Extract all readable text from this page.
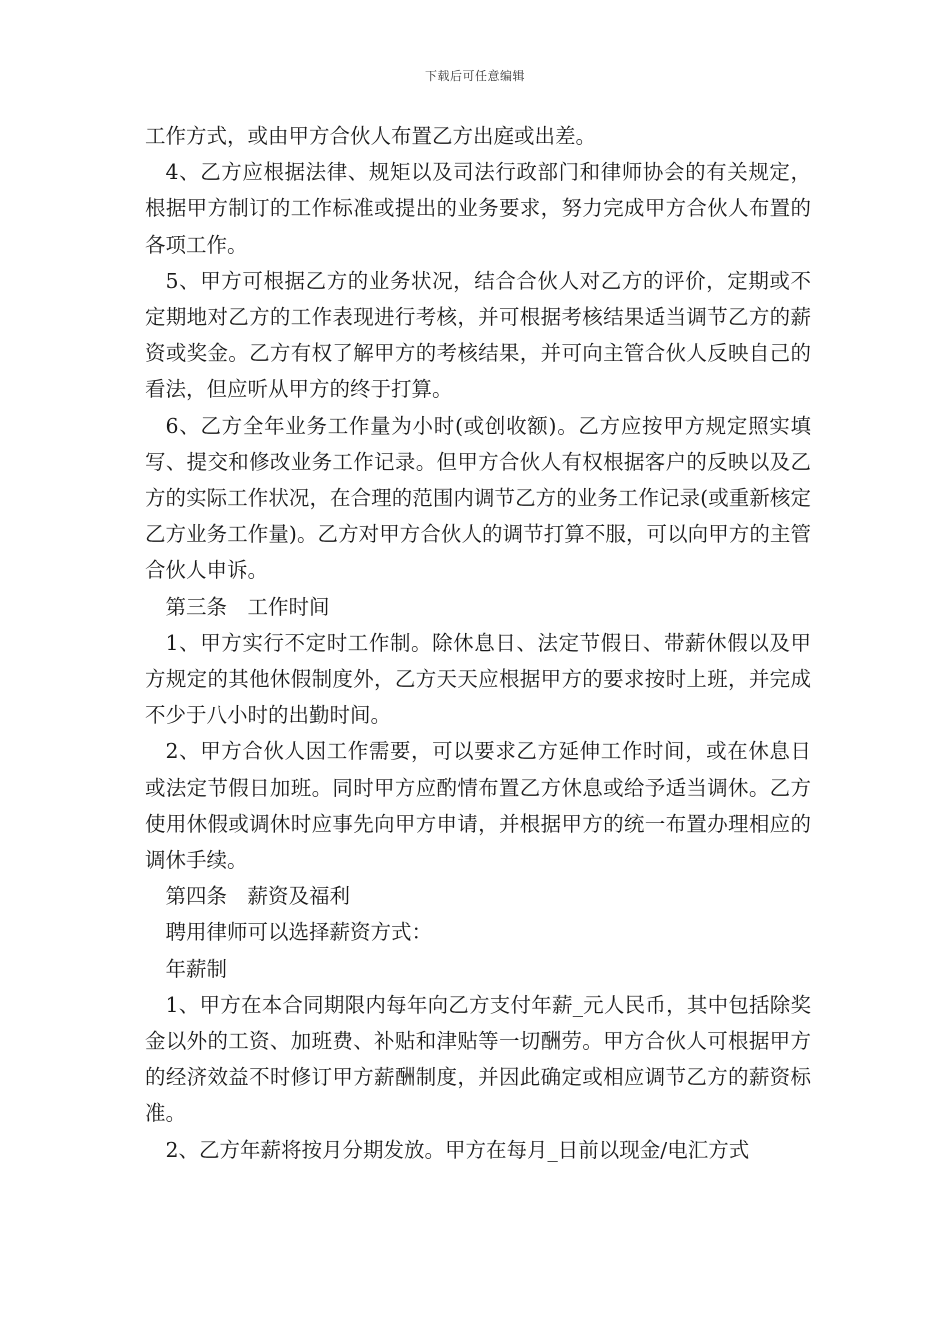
下载后可任意编辑

工作方式，或由甲方合伙人布置乙方出庭或出差。

4、乙方应根据法律、规矩以及司法行政部门和律师协会的有关规定，根据甲方制订的工作标准或提出的业务要求，努力完成甲方合伙人布置的各项工作。

5、甲方可根据乙方的业务状况，结合合伙人对乙方的评价，定期或不定期地对乙方的工作表现进行考核，并可根据考核结果适当调节乙方的薪资或奖金。乙方有权了解甲方的考核结果，并可向主管合伙人反映自己的看法，但应听从甲方的终于打算。

6、乙方全年业务工作量为小时(或创收额)。乙方应按甲方规定照实填写、提交和修改业务工作记录。但甲方合伙人有权根据客户的反映以及乙方的实际工作状况，在合理的范围内调节乙方的业务工作记录(或重新核定乙方业务工作量)。乙方对甲方合伙人的调节打算不服，可以向甲方的主管合伙人申诉。

第三条　工作时间

1、甲方实行不定时工作制。除休息日、法定节假日、带薪休假以及甲方规定的其他休假制度外，乙方天天应根据甲方的要求按时上班，并完成不少于八小时的出勤时间。

2、甲方合伙人因工作需要，可以要求乙方延伸工作时间，或在休息日或法定节假日加班。同时甲方应酌情布置乙方休息或给予适当调休。乙方使用休假或调休时应事先向甲方申请，并根据甲方的统一布置办理相应的调休手续。

第四条　薪资及福利

聘用律师可以选择薪资方式：

年薪制

1、甲方在本合同期限内每年向乙方支付年薪_元人民币，其中包括除奖金以外的工资、加班费、补贴和津贴等一切酬劳。甲方合伙人可根据甲方的经济效益不时修订甲方薪酬制度，并因此确定或相应调节乙方的薪资标准。

2、乙方年薪将按月分期发放。甲方在每月_日前以现金/电汇方式
